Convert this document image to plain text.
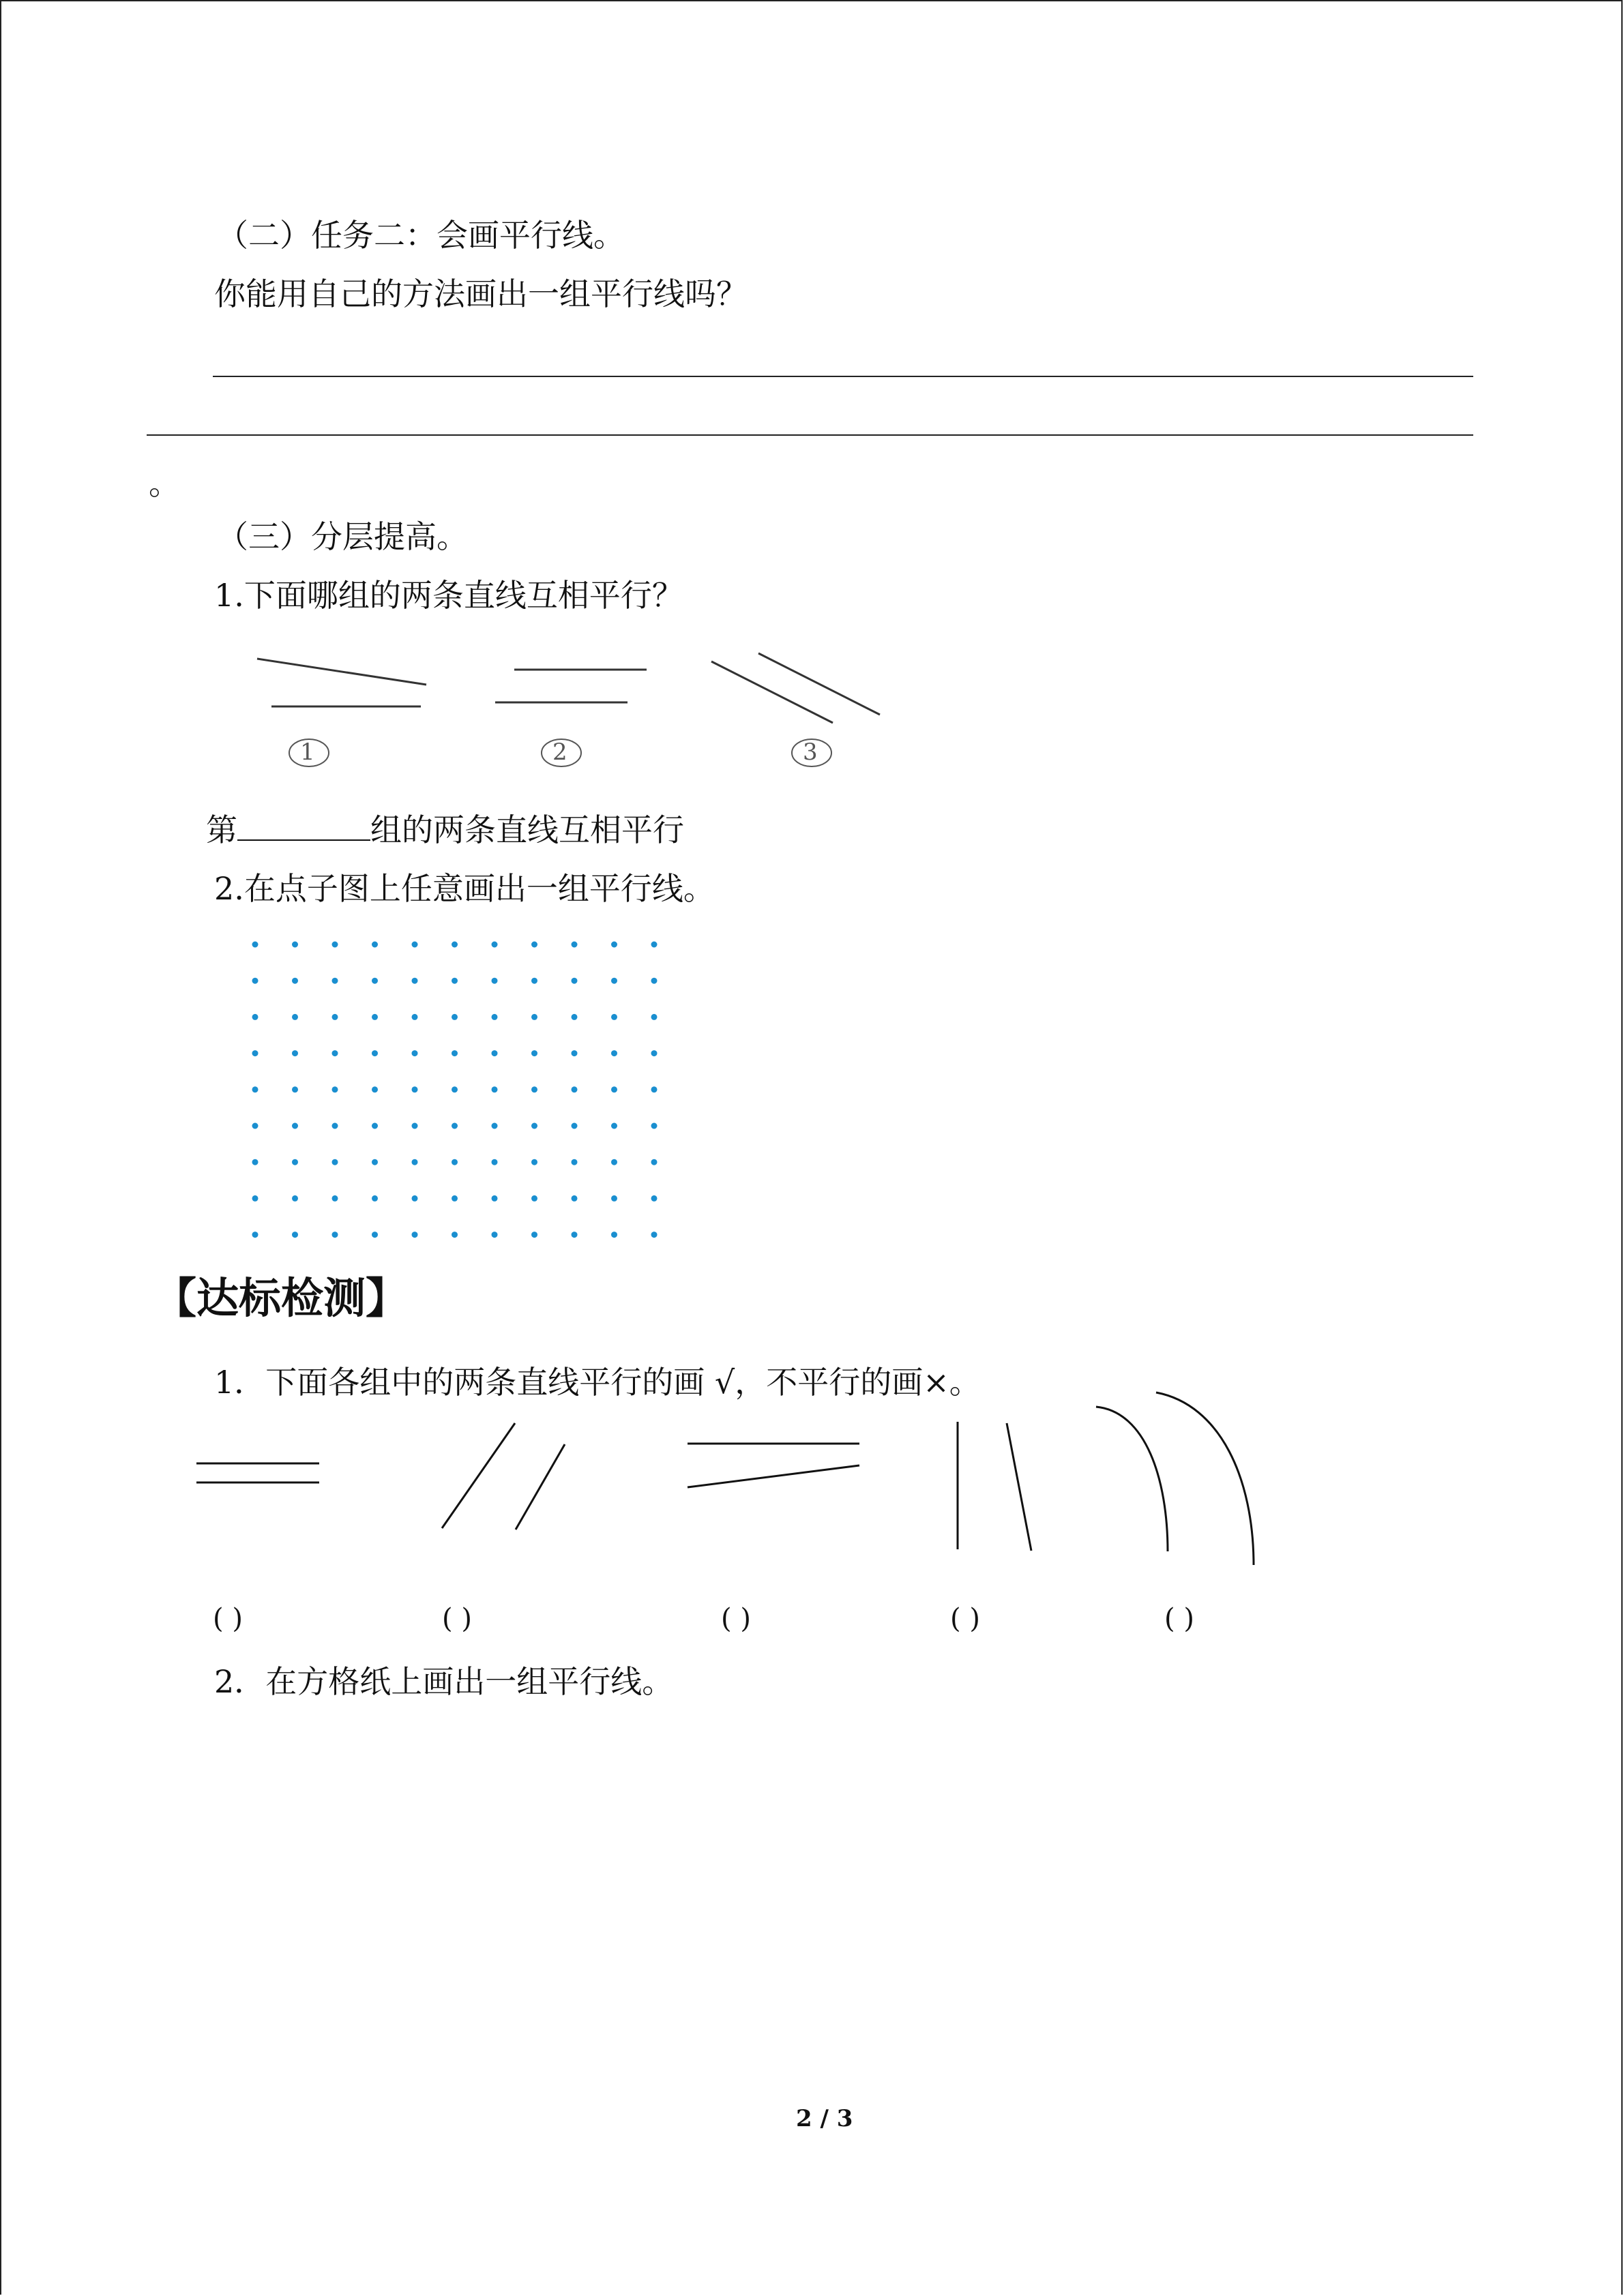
（二）任务二：会画平行线。
你能用自己的方法画出一组平行线吗？
。
（三）分层提高。
1.下面哪组的两条直线互相平行？
1	2	3
第	组的两条直线互相平行
2.在点子图上任意画出一组平行线。
【达标检测】
1．下面各组中的两条直线平行的画 √，不平行的画×。
( )	( )	( )	( )	( )
2．在方格纸上画出一组平行线。
2 / 3
